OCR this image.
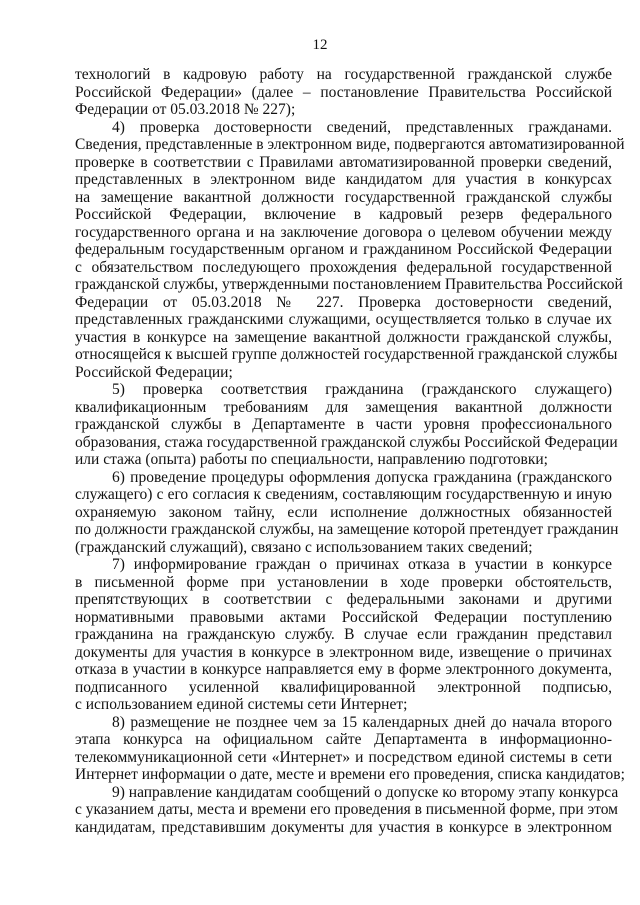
12

технологий в кадровую работу на государственной гражданской службе
Российской Федерации» (далее – постановление Правительства Российской
Федерации от 05.03.2018 № 227);

4) проверка достоверности сведений, представленных гражданами.
Сведения, представленные в электронном виде, подвергаются автоматизированной
проверке в соответствии с Правилами автоматизированной проверки сведений,
представленных в электронном виде кандидатом для участия в конкурсах
на замещение вакантной должности государственной гражданской службы
Российской Федерации, включение в кадровый резерв федерального
государственного органа и на заключение договора о целевом обучении между
федеральным государственным органом и гражданином Российской Федерации
с обязательством последующего прохождения федеральной государственной
гражданской службы, утвержденными постановлением Правительства Российской
Федерации от 05.03.2018 № 227. Проверка достоверности сведений,
представленных гражданскими служащими, осуществляется только в случае их
участия в конкурсе на замещение вакантной должности гражданской службы,
относящейся к высшей группе должностей государственной гражданской службы
Российской Федерации;

5) проверка соответствия гражданина (гражданского служащего)
квалификационным требованиям для замещения вакантной должности
гражданской службы в Департаменте в части уровня профессионального
образования, стажа государственной гражданской службы Российской Федерации
или стажа (опыта) работы по специальности, направлению подготовки;

6) проведение процедуры оформления допуска гражданина (гражданского
служащего) с его согласия к сведениям, составляющим государственную и иную
охраняемую законом тайну, если исполнение должностных обязанностей
по должности гражданской службы, на замещение которой претендует гражданин
(гражданский служащий), связано с использованием таких сведений;

7) информирование граждан о причинах отказа в участии в конкурсе
в письменной форме при установлении в ходе проверки обстоятельств,
препятствующих в соответствии с федеральными законами и другими
нормативными правовыми актами Российской Федерации поступлению
гражданина на гражданскую службу. В случае если гражданин представил
документы для участия в конкурсе в электронном виде, извещение о причинах
отказа в участии в конкурсе направляется ему в форме электронного документа,
подписанного усиленной квалифицированной электронной подписью,
с использованием единой системы сети Интернет;

8) размещение не позднее чем за 15 календарных дней до начала второго
этапа конкурса на официальном сайте Департамента в информационно-
телекоммуникационной сети «Интернет» и посредством единой системы в сети
Интернет информации о дате, месте и времени его проведения, списка кандидатов;

9) направление кандидатам сообщений о допуске ко второму этапу конкурса
с указанием даты, места и времени его проведения в письменной форме, при этом
кандидатам, представившим документы для участия в конкурсе в электронном
